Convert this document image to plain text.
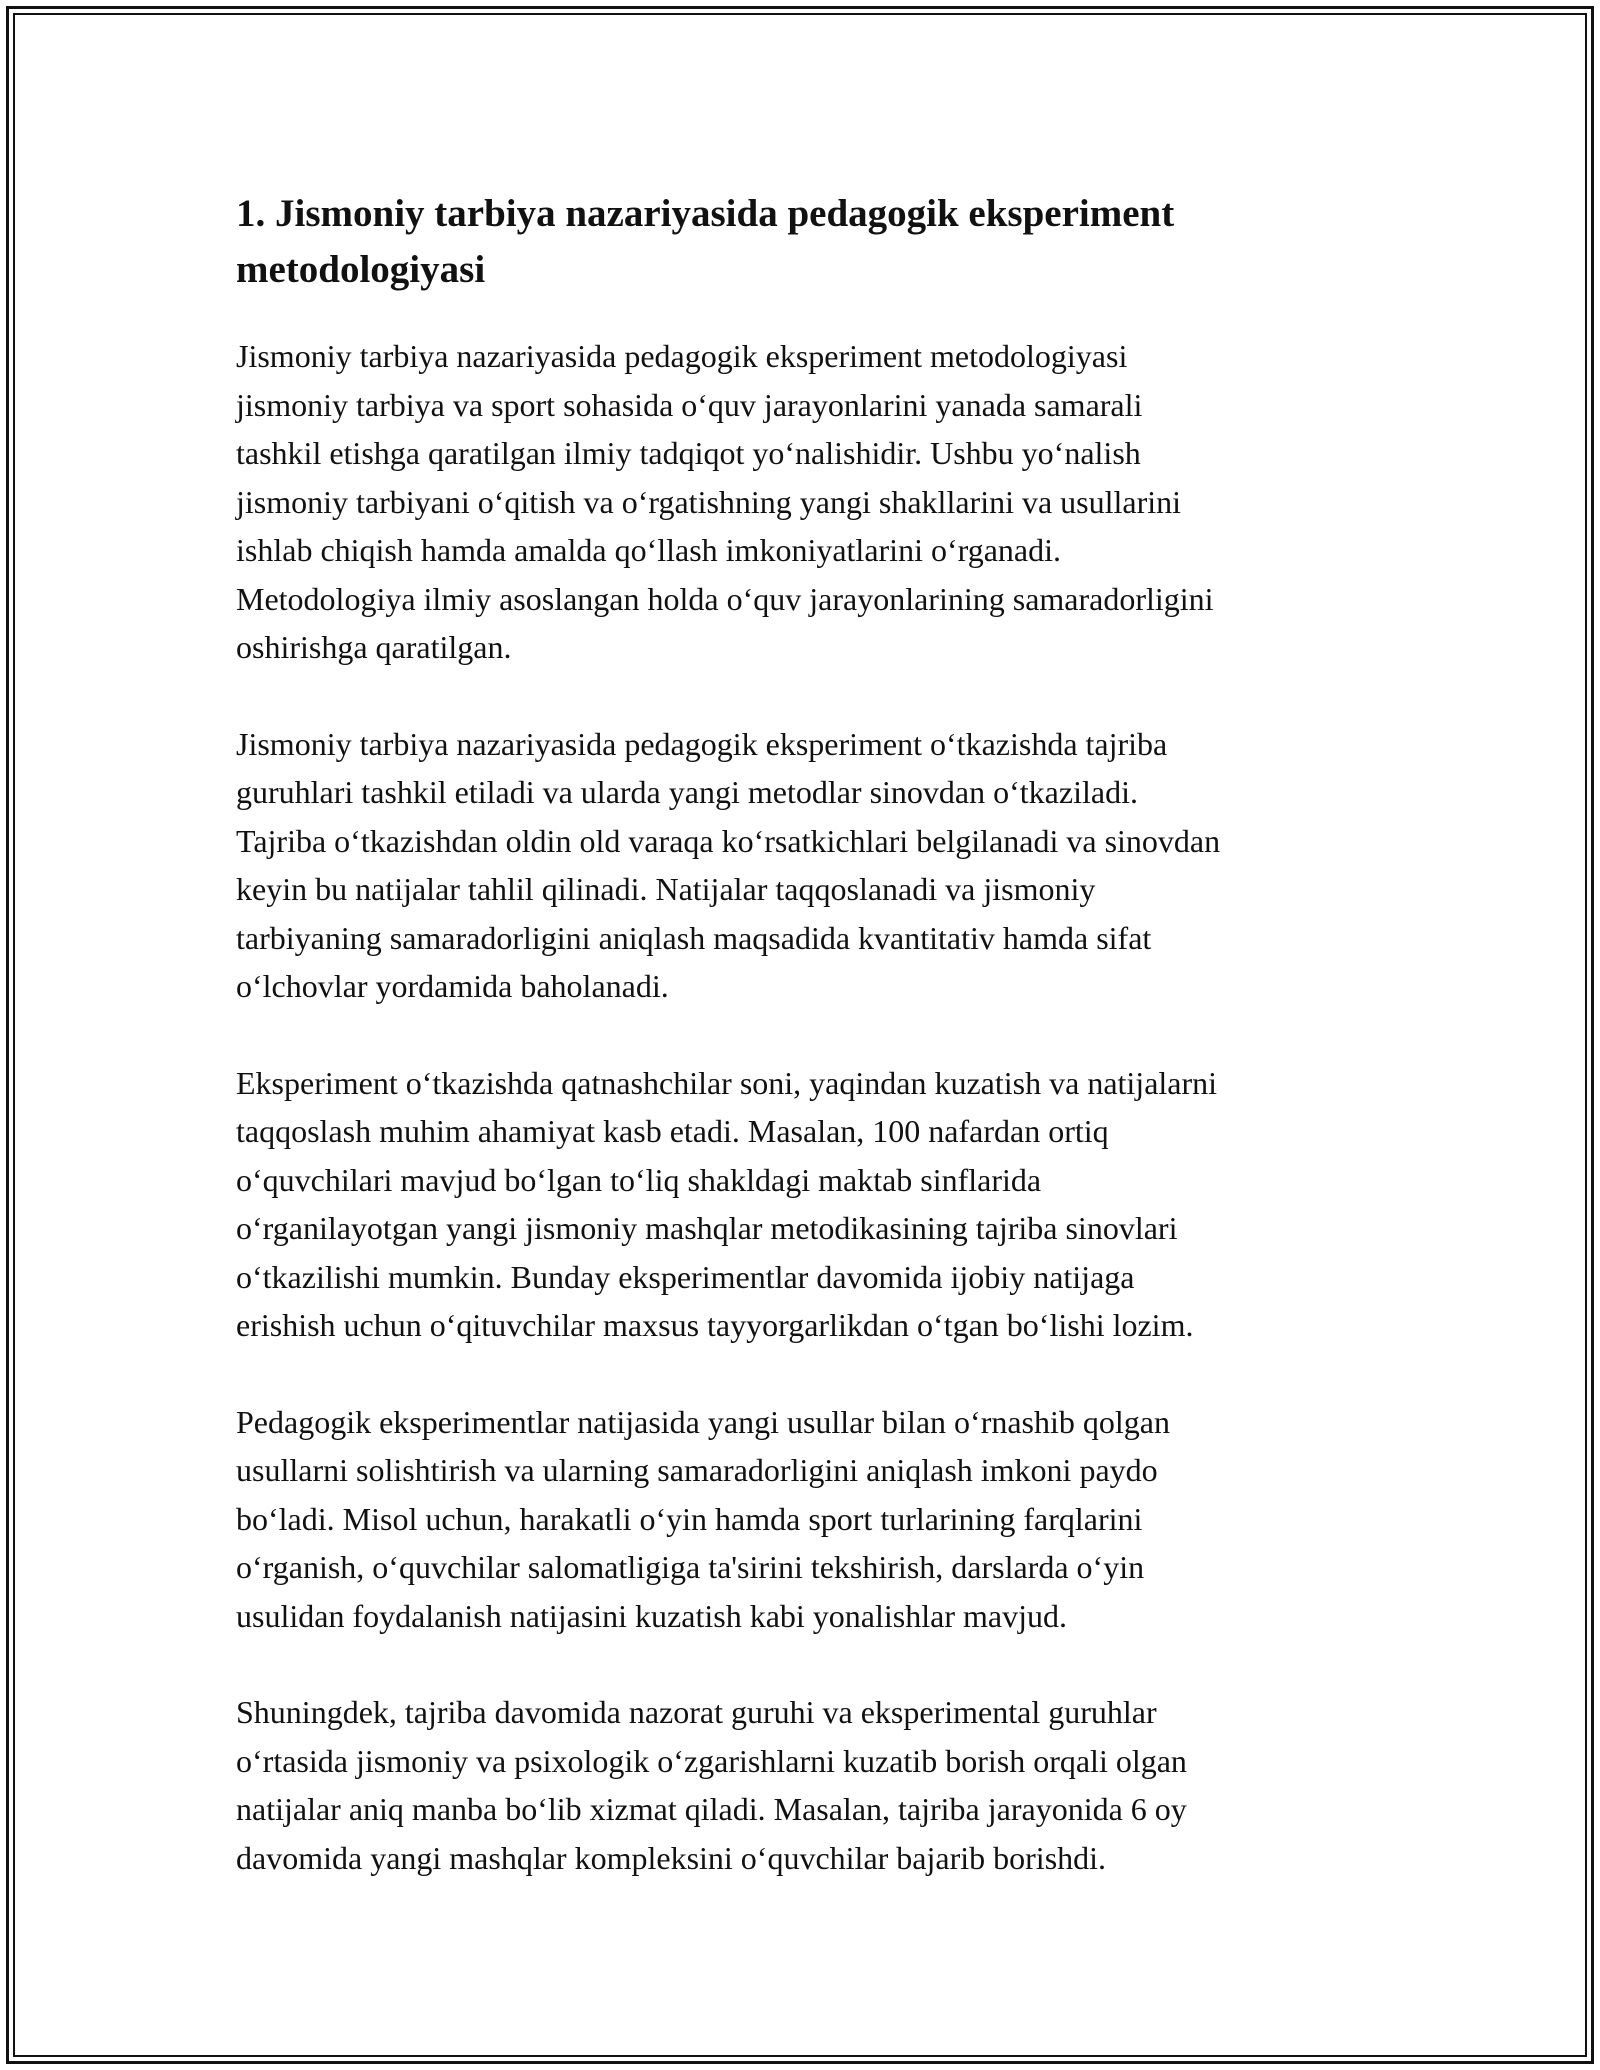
1. Jismoniy tarbiya nazariyasida pedagogik eksperiment
metodologiyasi

Jismoniy tarbiya nazariyasida pedagogik eksperiment metodologiyasi
jismoniy tarbiya va sport sohasida o‘quv jarayonlarini yanada samarali
tashkil etishga qaratilgan ilmiy tadqiqot yo‘nalishidir. Ushbu yo‘nalish
jismoniy tarbiyani o‘qitish va o‘rgatishning yangi shakllarini va usullarini
ishlab chiqish hamda amalda qo‘llash imkoniyatlarini o‘rganadi.
Metodologiya ilmiy asoslangan holda o‘quv jarayonlarining samaradorligini
oshirishga qaratilgan.

Jismoniy tarbiya nazariyasida pedagogik eksperiment o‘tkazishda tajriba
guruhlari tashkil etiladi va ularda yangi metodlar sinovdan o‘tkaziladi.
Tajriba o‘tkazishdan oldin old varaqa ko‘rsatkichlari belgilanadi va sinovdan
keyin bu natijalar tahlil qilinadi. Natijalar taqqoslanadi va jismoniy
tarbiyaning samaradorligini aniqlash maqsadida kvantitativ hamda sifat
o‘lchovlar yordamida baholanadi.

Eksperiment o‘tkazishda qatnashchilar soni, yaqindan kuzatish va natijalarni
taqqoslash muhim ahamiyat kasb etadi. Masalan, 100 nafardan ortiq
o‘quvchilari mavjud bo‘lgan to‘liq shakldagi maktab sinflarida
o‘rganilayotgan yangi jismoniy mashqlar metodikasining tajriba sinovlari
o‘tkazilishi mumkin. Bunday eksperimentlar davomida ijobiy natijaga
erishish uchun o‘qituvchilar maxsus tayyorgarlikdan o‘tgan bo‘lishi lozim.

Pedagogik eksperimentlar natijasida yangi usullar bilan o‘rnashib qolgan
usullarni solishtirish va ularning samaradorligini aniqlash imkoni paydo
bo‘ladi. Misol uchun, harakatli o‘yin hamda sport turlarining farqlarini
o‘rganish, o‘quvchilar salomatligiga ta'sirini tekshirish, darslarda o‘yin
usulidan foydalanish natijasini kuzatish kabi yonalishlar mavjud.

Shuningdek, tajriba davomida nazorat guruhi va eksperimental guruhlar
o‘rtasida jismoniy va psixologik o‘zgarishlarni kuzatib borish orqali olgan
natijalar aniq manba bo‘lib xizmat qiladi. Masalan, tajriba jarayonida 6 oy
davomida yangi mashqlar kompleksini o‘quvchilar bajarib borishdi.
